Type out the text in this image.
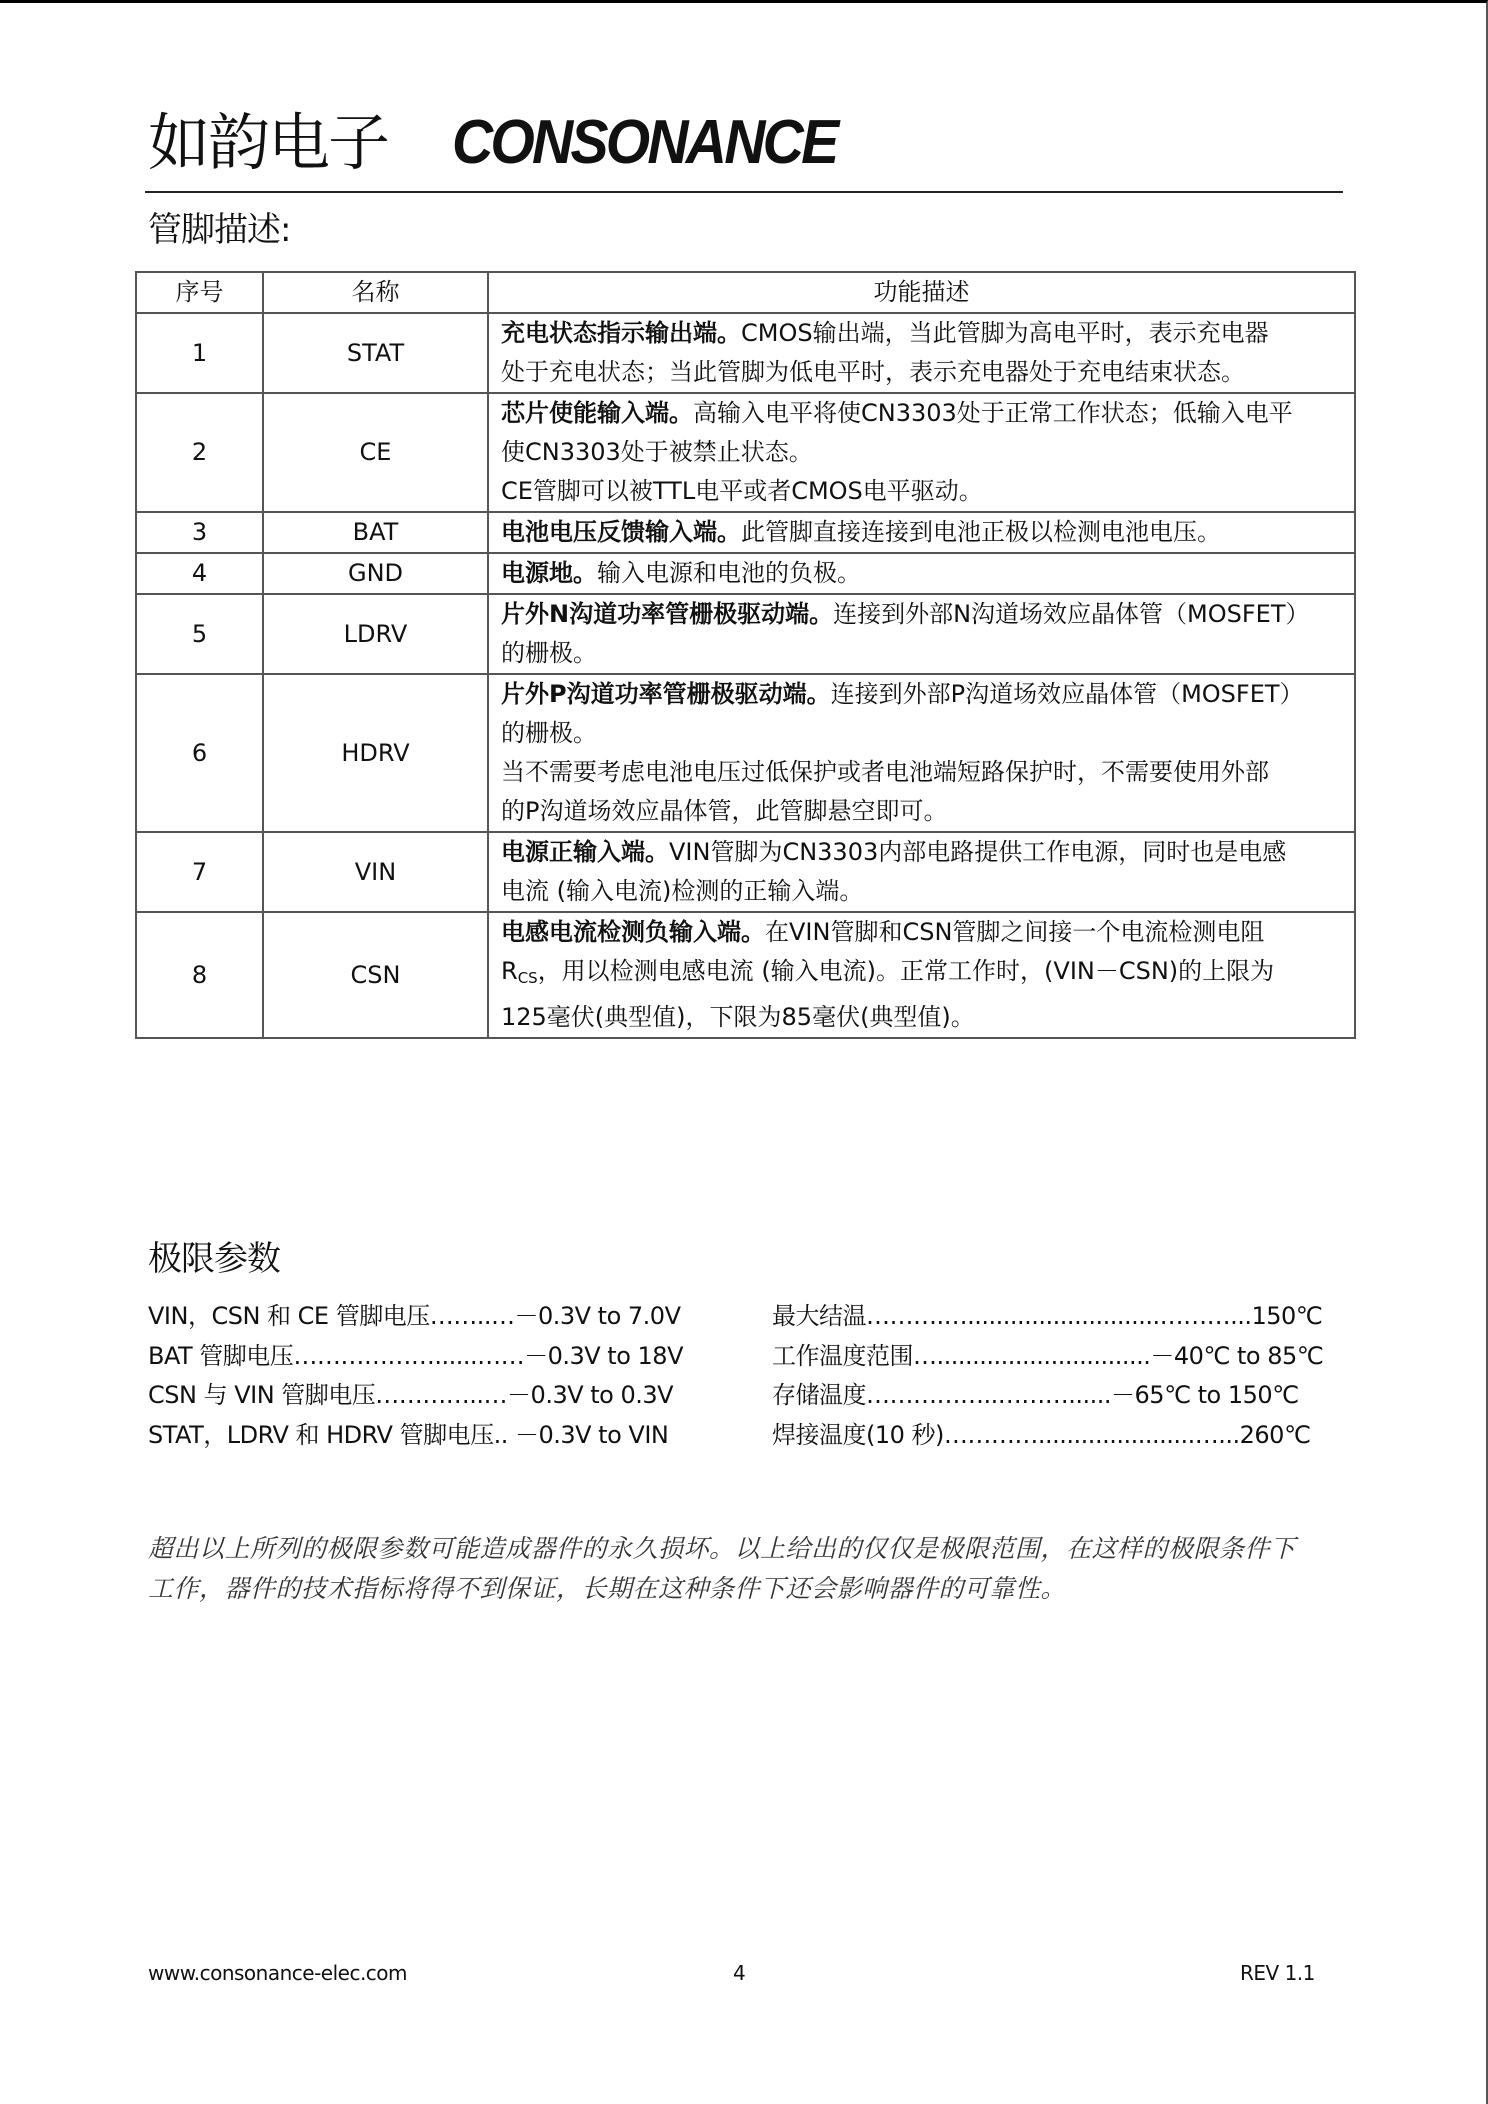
如韵电子 CONSONANCE
管脚描述:
序号	名称	功能描述
1	STAT	充电状态指示输出端。CMOS输出端，当此管脚为高电平时，表示充电器
处于充电状态；当此管脚为低电平时，表示充电器处于充电结束状态。

2	CE	芯片使能输入端。高输入电平将使CN3303处于正常工作状态；低输入电平
使CN3303处于被禁止状态。
CE管脚可以被TTL电平或者CMOS电平驱动。

3	BAT	电池电压反馈输入端。此管脚直接连接到电池正极以检测电池电压。

4	GND	电源地。输入电源和电池的负极。

5	LDRV	片外N沟道功率管栅极驱动端。连接到外部N沟道场效应晶体管（MOSFET）
的栅极。

6	HDRV	片外P沟道功率管栅极驱动端。连接到外部P沟道场效应晶体管（MOSFET）
的栅极。
当不需要考虑电池电压过低保护或者电池端短路保护时，不需要使用外部
的P沟道场效应晶体管，此管脚悬空即可。

7	VIN	电源正输入端。VIN管脚为CN3303内部电路提供工作电源，同时也是电感
电流 (输入电流)检测的正输入端。

8	CSN	电感电流检测负输入端。在VIN管脚和CSN管脚之间接一个电流检测电阻
$R_{CS}$，用以检测电感电流 (输入电流)。正常工作时，(VIN－CSN)的上限为
125毫伏(典型值)，下限为85毫伏(典型值)。
极限参数
VIN，CSN 和 CE 管脚电压……..…－0.3V to 7.0V
BAT 管脚电压………………......……－0.3V to 18V
CSN 与 VIN 管脚电压…………..…－0.3V to 0.3V
STAT，LDRV 和 HDRV 管脚电压.. －0.3V to VIN
最大结温……….…...........................………...150℃
工作温度范围…..............................－40℃ to 85℃
存储温度……………..………......－65℃ to 150℃
焊接温度(10 秒)…………......................…...260℃
超出以上所列的极限参数可能造成器件的永久损坏。以上给出的仅仅是极限范围，在这样的极限条件下
工作，器件的技术指标将得不到保证，长期在这种条件下还会影响器件的可靠性。
www.consonance-elec.com	4	REV 1.1
